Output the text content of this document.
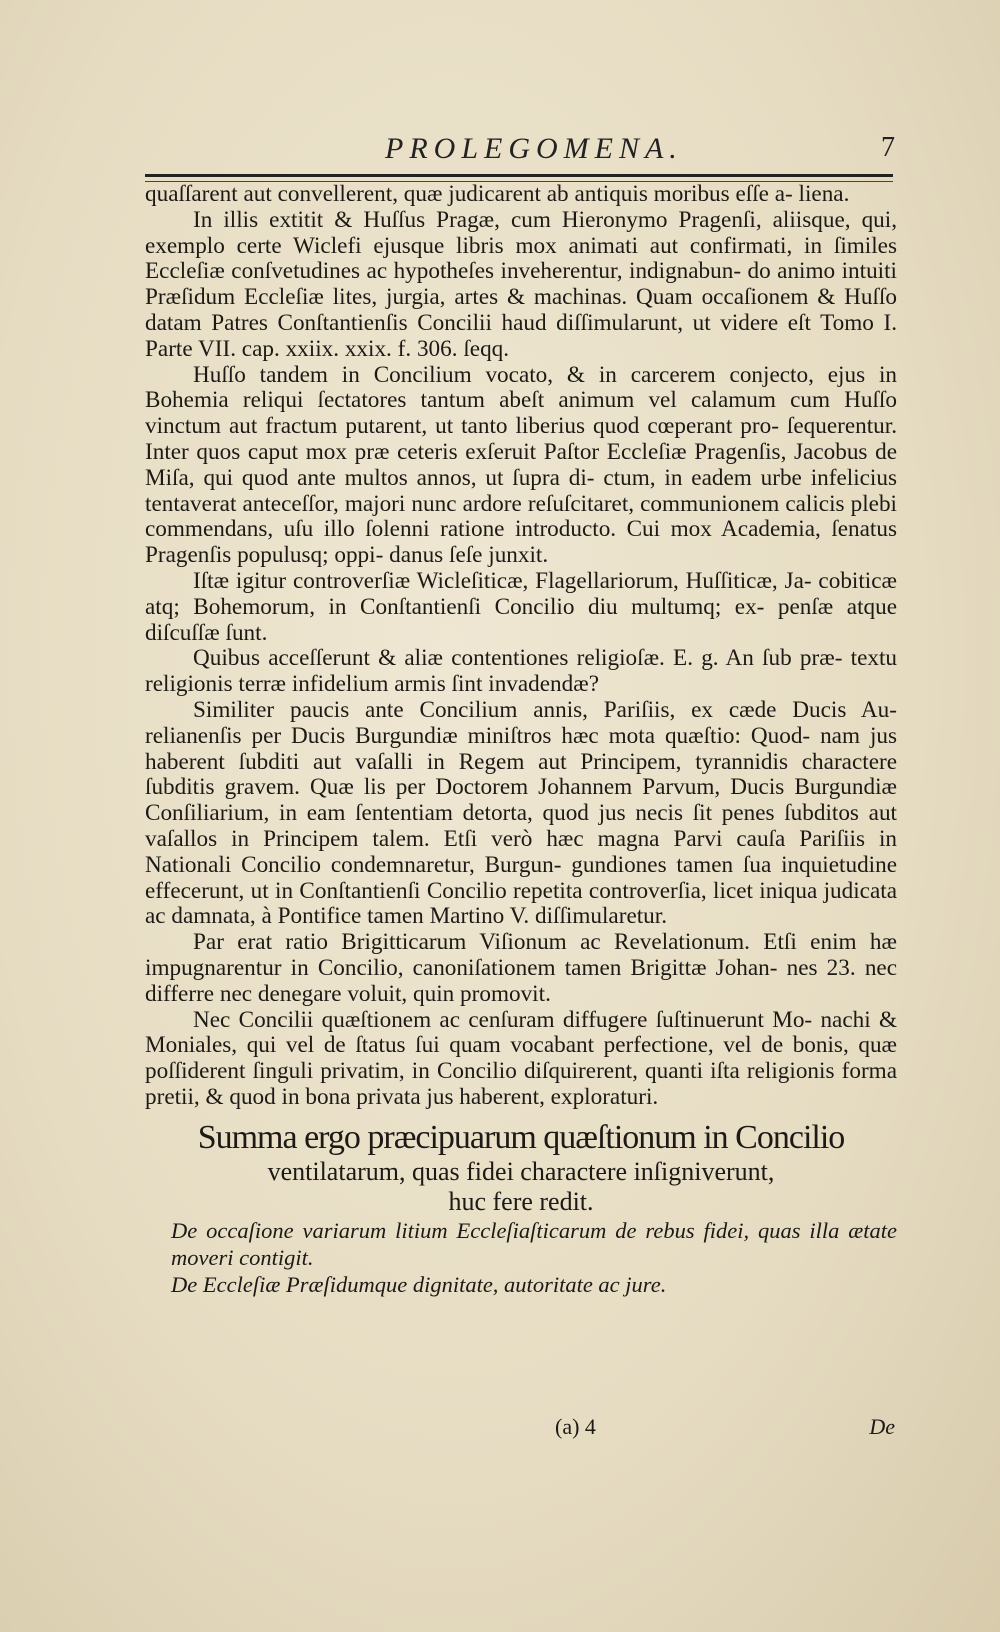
PROLEGOMENA.	7

quaſſarent aut convellerent, quæ judicarent ab antiquis moribus eſſe a- liena.

In illis extitit & Huſſus Pragæ, cum Hieronymo Pragenſi, aliisque, qui, exemplo certe Wiclefi ejusque libris mox animati aut confirmati, in ſimiles Eccleſiæ conſvetudines ac hypotheſes inveherentur, indignabun- do animo intuiti Præſidum Eccleſiæ lites, jurgia, artes & machinas. Quam occaſionem & Huſſo datam Patres Conſtantienſis Concilii haud diſſimularunt, ut videre eſt Tomo I. Parte VII. cap. xxiix. xxix. f. 306. ſeqq.

Huſſo tandem in Concilium vocato, & in carcerem conjecto, ejus in Bohemia reliqui ſectatores tantum abeſt animum vel calamum cum Huſſo vinctum aut fractum putarent, ut tanto liberius quod cœperant pro- ſequerentur. Inter quos caput mox præ ceteris exſeruit Paſtor Eccleſiæ Pragenſis, Jacobus de Miſa, qui quod ante multos annos, ut ſupra di- ctum, in eadem urbe infelicius tentaverat anteceſſor, majori nunc ardore reſuſcitaret, communionem calicis plebi commendans, uſu illo ſolenni ratione introducto. Cui mox Academia, ſenatus Pragenſis populusq; oppi- danus ſeſe junxit.

Iſtæ igitur controverſiæ Wicleſiticæ, Flagellariorum, Huſſiticæ, Ja- cobiticæ atq; Bohemorum, in Conſtantienſi Concilio diu multumq; ex- penſæ atque diſcuſſæ ſunt.

Quibus acceſſerunt & aliæ contentiones religioſæ. E. g. An ſub præ- textu religionis terræ infidelium armis ſint invadendæ?

Similiter paucis ante Concilium annis, Pariſiis, ex cæde Ducis Au- relianenſis per Ducis Burgundiæ miniſtros hæc mota quæſtio: Quod- nam jus haberent ſubditi aut vaſalli in Regem aut Principem, tyrannidis charactere ſubditis gravem. Quæ lis per Doctorem Johannem Parvum, Ducis Burgundiæ Conſiliarium, in eam ſententiam detorta, quod jus necis ſit penes ſubditos aut vaſallos in Principem talem. Etſi verò hæc magna Parvi cauſa Pariſiis in Nationali Concilio condemnaretur, Burgun- gundiones tamen ſua inquietudine effecerunt, ut in Conſtantienſi Concilio repetita controverſia, licet iniqua judicata ac damnata, à Pontifice tamen Martino V. diſſimularetur.

Par erat ratio Brigitticarum Viſionum ac Revelationum. Etſi enim hæ impugnarentur in Concilio, canoniſationem tamen Brigittæ Johan- nes 23. nec differre nec denegare voluit, quin promovit.

Nec Concilii quæſtionem ac cenſuram diffugere ſuſtinuerunt Mo- nachi & Moniales, qui vel de ſtatus ſui quam vocabant perfectione, vel de bonis, quæ poſſiderent ſinguli privatim, in Concilio diſquirerent, quanti iſta religionis forma pretii, & quod in bona privata jus haberent, exploraturi.

Summa ergo præcipuarum quæſtionum in Concilio
ventilatarum, quas fidei charactere inſigniverunt,
huc fere redit.

De occaſione variarum litium Eccleſiaſticarum de rebus fidei, quas illa ætate moveri contigit.

De Eccleſiæ Præſidumque dignitate, autoritate ac jure.

(a) 4	De
